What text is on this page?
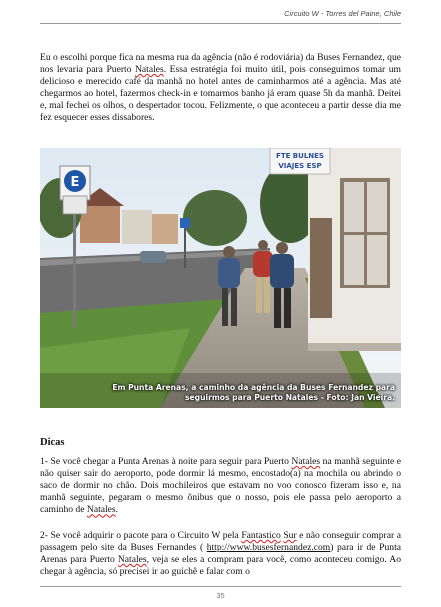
Circuito W - Torres del Paine, Chile

Eu o escolhi porque fica na mesma rua da agência (não é rodoviária) da Buses Fernandez, que nos levaria para Puerto Natales. Essa estratégia foi muito útil, pois conseguimos tomar um delicioso e merecido café da manhã no hotel antes de caminharmos até a agência. Mas até chegarmos ao hotel, fazermos check-in e tomarmos banho já eram quase 5h da manhã. Deitei e, mal fechei os olhos, o despertador tocou. Felizmente, o que aconteceu a partir desse dia me fez esquecer esses dissabores.

E
FTE BULNES
VIAJES ESP
Em Punta Arenas, a caminho da agência da Buses Fernandez para
seguirmos para Puerto Natales - Foto: Jan Vieira.

Dicas

1- Se você chegar a Punta Arenas à noite para seguir para Puerto Natales na manhã seguinte e não quiser sair do aeroporto, pode dormir lá mesmo, encostado(a) na mochila ou abrindo o saco de dormir no chão. Dois mochileiros que estavam no voo conosco fizeram isso e, na manhã seguinte, pegaram o mesmo ônibus que o nosso, pois ele passa pelo aeroporto a caminho de Natales.

2- Se você adquirir o pacote para o Circuito W pela Fantastico Sur e não conseguir comprar a passagem pelo site da Buses Fernandes ( http://www.busesfernandez.com) para ir de Punta Arenas para Puerto Natales, veja se eles a compram para você, como aconteceu comigo. Ao chegar à agência, só precisei ir ao guichê e falar com o

35
